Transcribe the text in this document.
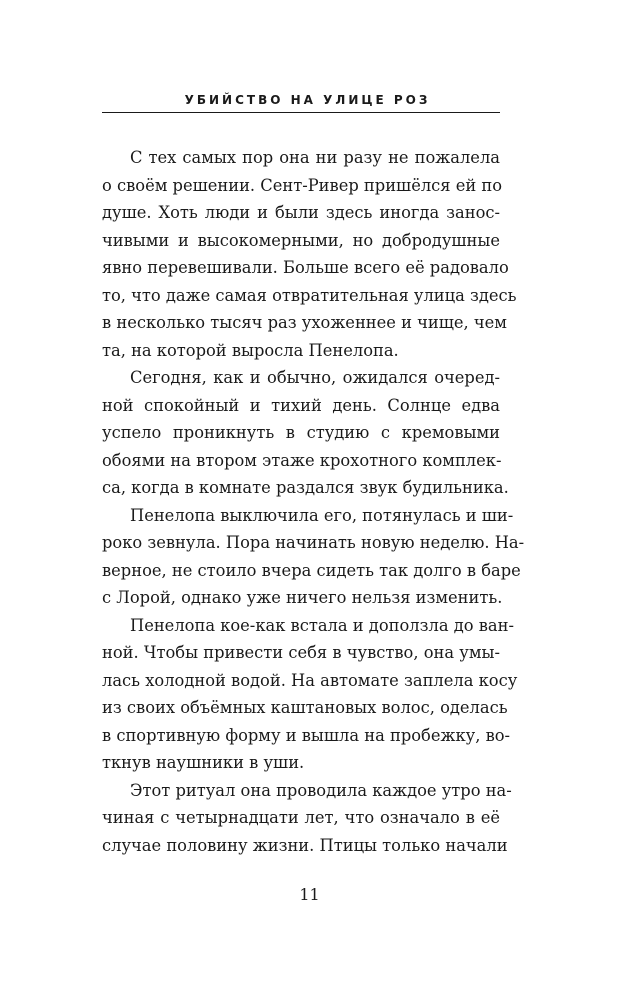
УБИЙСТВО НА УЛИЦЕ РОЗ
С тех самых пор она ни разу не пожалела
о своём решении. Сент-Ривер пришёлся ей по
душе. Хоть люди и были здесь иногда занос-
чивыми и высокомерными, но добродушные
явно перевешивали. Больше всего её радовало
то, что даже самая отвратительная улица здесь
в несколько тысяч раз ухоженнее и чище, чем
та, на которой выросла Пенелопа.
Сегодня, как и обычно, ожидался очеред-
ной спокойный и тихий день. Солнце едва
успело проникнуть в студию с кремовыми
обоями на втором этаже крохотного комплек-
са, когда в комнате раздался звук будильника.
Пенелопа выключила его, потянулась и ши-
роко зевнула. Пора начинать новую неделю. На-
верное, не стоило вчера сидеть так долго в баре
с Лорой, однако уже ничего нельзя изменить.
Пенелопа кое-как встала и доползла до ван-
ной. Чтобы привести себя в чувство, она умы-
лась холодной водой. На автомате заплела косу
из своих объёмных каштановых волос, оделась
в спортивную форму и вышла на пробежку, во-
ткнув наушники в уши.
Этот ритуал она проводила каждое утро на-
чиная с четырнадцати лет, что означало в её
случае половину жизни. Птицы только начали
11
